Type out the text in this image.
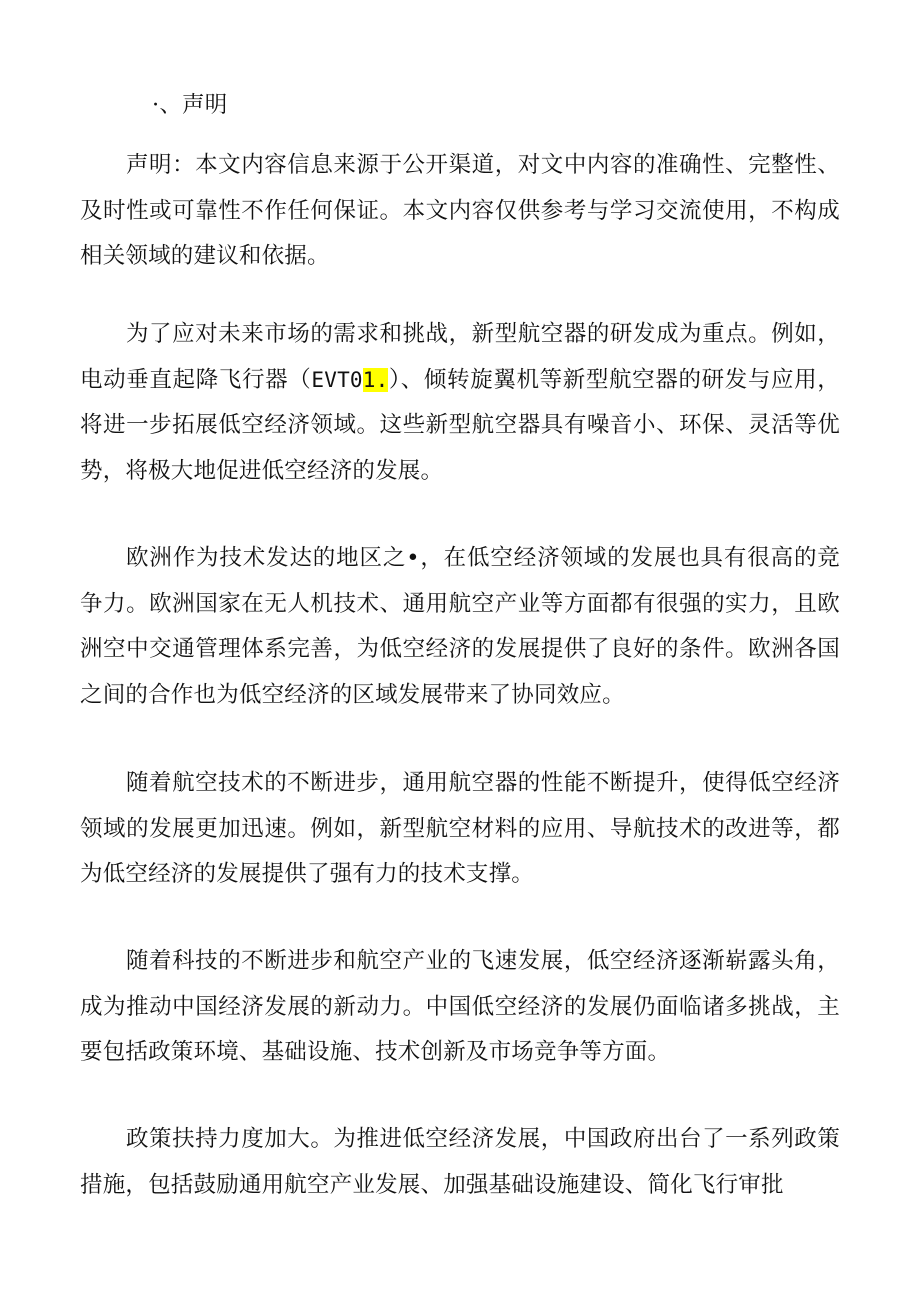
·、声明

声明：本文内容信息来源于公开渠道，对文中内容的准确性、完整性、及时性或可靠性不作任何保证。本文内容仅供参考与学习交流使用，不构成相关领域的建议和依据。

为了应对未来市场的需求和挑战，新型航空器的研发成为重点。例如，电动垂直起降飞行器（EVT01.）、倾转旋翼机等新型航空器的研发与应用，将进一步拓展低空经济领域。这些新型航空器具有噪音小、环保、灵活等优势，将极大地促进低空经济的发展。

欧洲作为技术发达的地区之•，在低空经济领域的发展也具有很高的竞争力。欧洲国家在无人机技术、通用航空产业等方面都有很强的实力，且欧洲空中交通管理体系完善，为低空经济的发展提供了良好的条件。欧洲各国之间的合作也为低空经济的区域发展带来了协同效应。

随着航空技术的不断进步，通用航空器的性能不断提升，使得低空经济领域的发展更加迅速。例如，新型航空材料的应用、导航技术的改进等，都为低空经济的发展提供了强有力的技术支撑。

随着科技的不断进步和航空产业的飞速发展，低空经济逐渐崭露头角，成为推动中国经济发展的新动力。中国低空经济的发展仍面临诸多挑战，主要包括政策环境、基础设施、技术创新及市场竞争等方面。

政策扶持力度加大。为推进低空经济发展，中国政府出台了一系列政策措施，包括鼓励通用航空产业发展、加强基础设施建设、简化飞行审批
